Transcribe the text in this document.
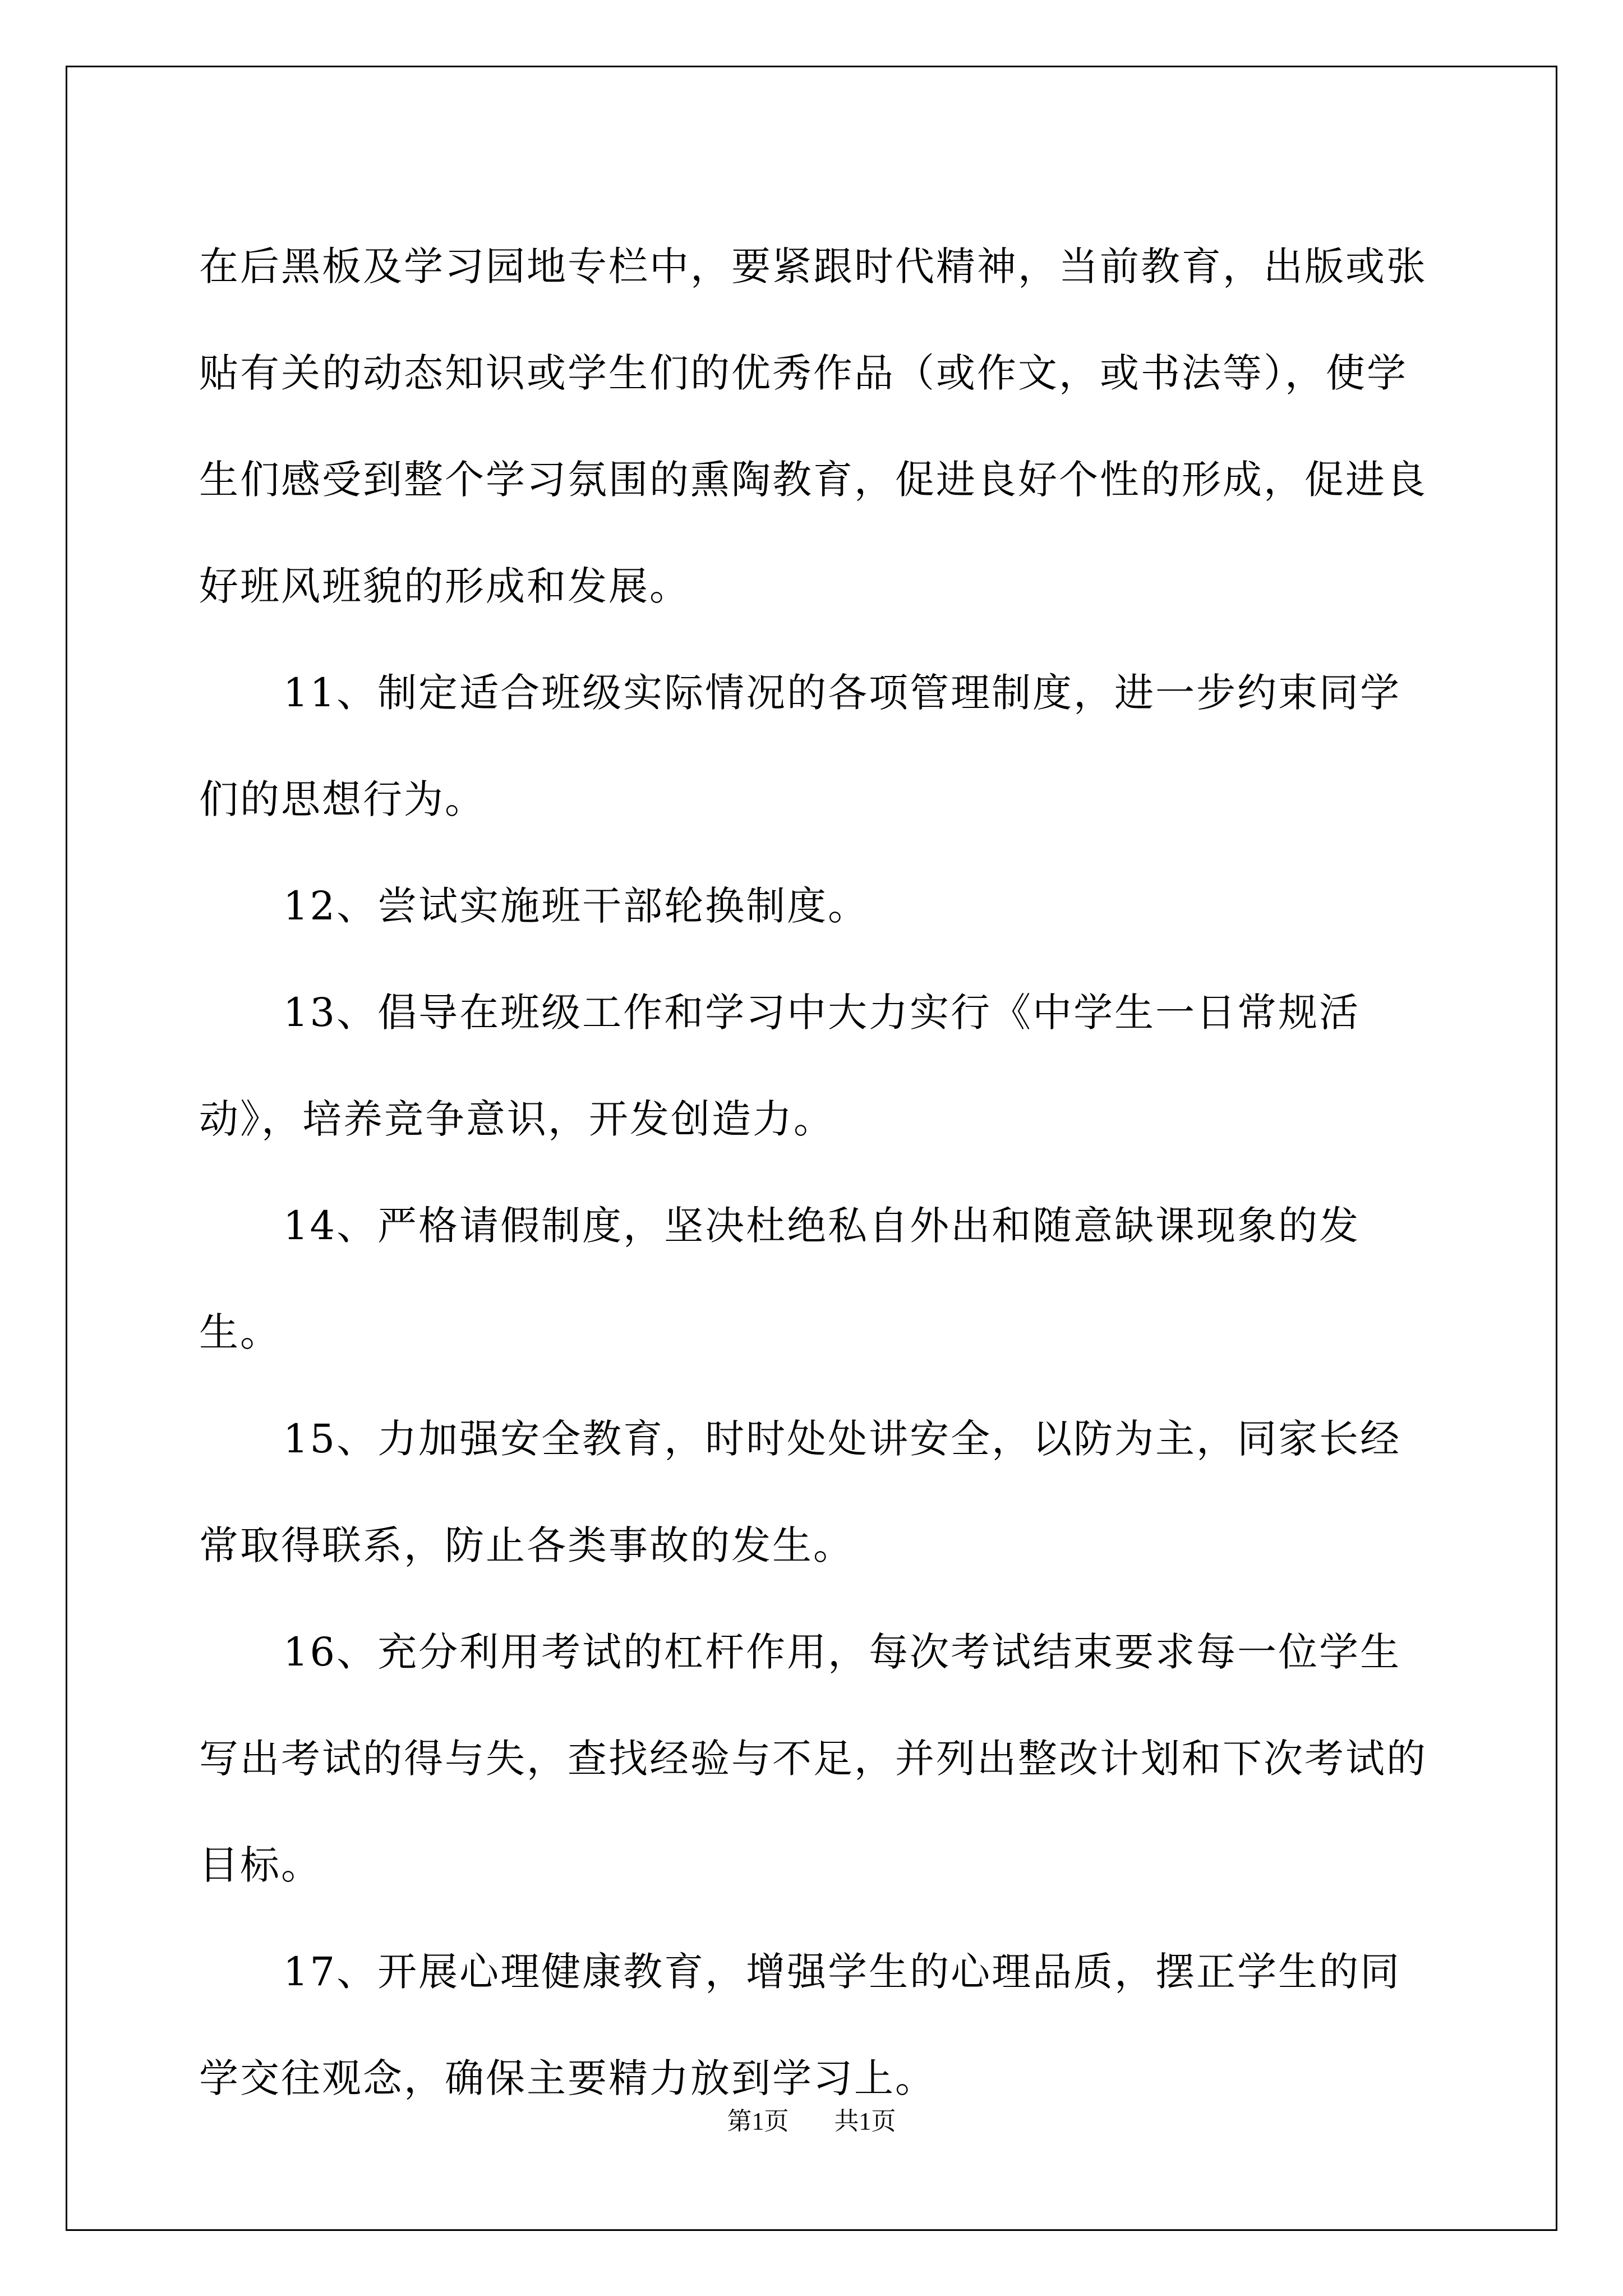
在后黑板及学习园地专栏中，要紧跟时代精神，当前教育，出版或张贴有关的动态知识或学生们的优秀作品（或作文，或书法等），使学生们感受到整个学习氛围的熏陶教育，促进良好个性的形成，促进良好班风班貌的形成和发展。

11、制定适合班级实际情况的各项管理制度，进一步约束同学们的思想行为。

12、尝试实施班干部轮换制度。

13、倡导在班级工作和学习中大力实行《中学生一日常规活动》，培养竞争意识，开发创造力。

14、严格请假制度，坚决杜绝私自外出和随意缺课现象的发生。

15、力加强安全教育，时时处处讲安全，以防为主，同家长经常取得联系，防止各类事故的发生。

16、充分利用考试的杠杆作用，每次考试结束要求每一位学生写出考试的得与失，查找经验与不足，并列出整改计划和下次考试的目标。

17、开展心理健康教育，增强学生的心理品质，摆正学生的同学交往观念，确保主要精力放到学习上。

第1页 共1页
